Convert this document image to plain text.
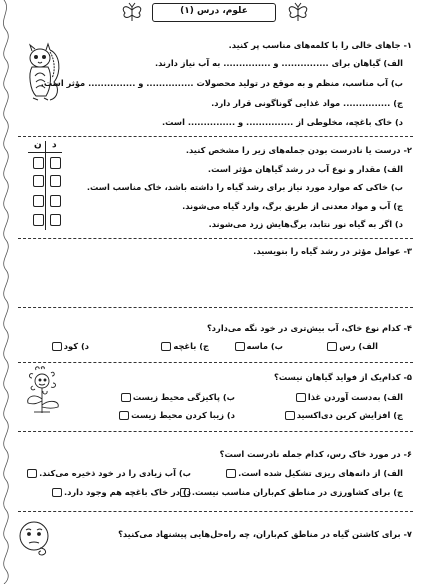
علوم، درس (۱)
۱- جاهای خالی را با کلمه‌های مناسب پر کنید.
الف) گیاهان برای ............... و ............... به آب نیاز دارند.
ب) آب مناسب، منظم و به موقع در تولید محصولات ............... و ............... مؤثر است.
ج) ............... مواد غذایی گوناگونی قرار دارد.
د) خاک باغچه، مخلوطی از ............... و ............... است.
ن د	۲- درست یا نادرست بودن جمله‌های زیر را مشخص کنید.
الف) مقدار و نوع آب در رشد گیاهان مؤثر است.
ب) خاکی که موارد مورد نیاز برای رشد گیاه را داشته باشد، خاک مناسب است.
ج) آب و مواد معدنی از طریق برگ، وارد گیاه می‌شوند.
د) اگر به گیاه نور نتابد، برگ‌هایش زرد می‌شوند.
۳- عوامل مؤثر در رشد گیاه را بنویسید.
۴- کدام نوع خاک، آب بیش‌تری در خود نگه می‌دارد؟
الف) رس
ب) ماسه
ج) باغچه
د) کود
۵- کدام‌یک از فواید گیاهان نیست؟
الف) به‌دست آوردن غذا
ب) پاکیزگی محیط زیست
ج) افزایش کربن دی‌اکسید
د) زیبا کردن محیط زیست
۶- در مورد خاک رس، کدام جمله نادرست است؟
الف) از دانه‌های ریزی تشکیل شده است.
ب) آب زیادی را در خود ذخیره می‌کند.
ج) برای کشاورزی در مناطق کم‌باران مناسب نیست.
د) در خاک باغچه هم وجود دارد.
۷- برای کاشتن گیاه در مناطق کم‌باران، چه راه‌حل‌هایی پیشنهاد می‌کنید؟
